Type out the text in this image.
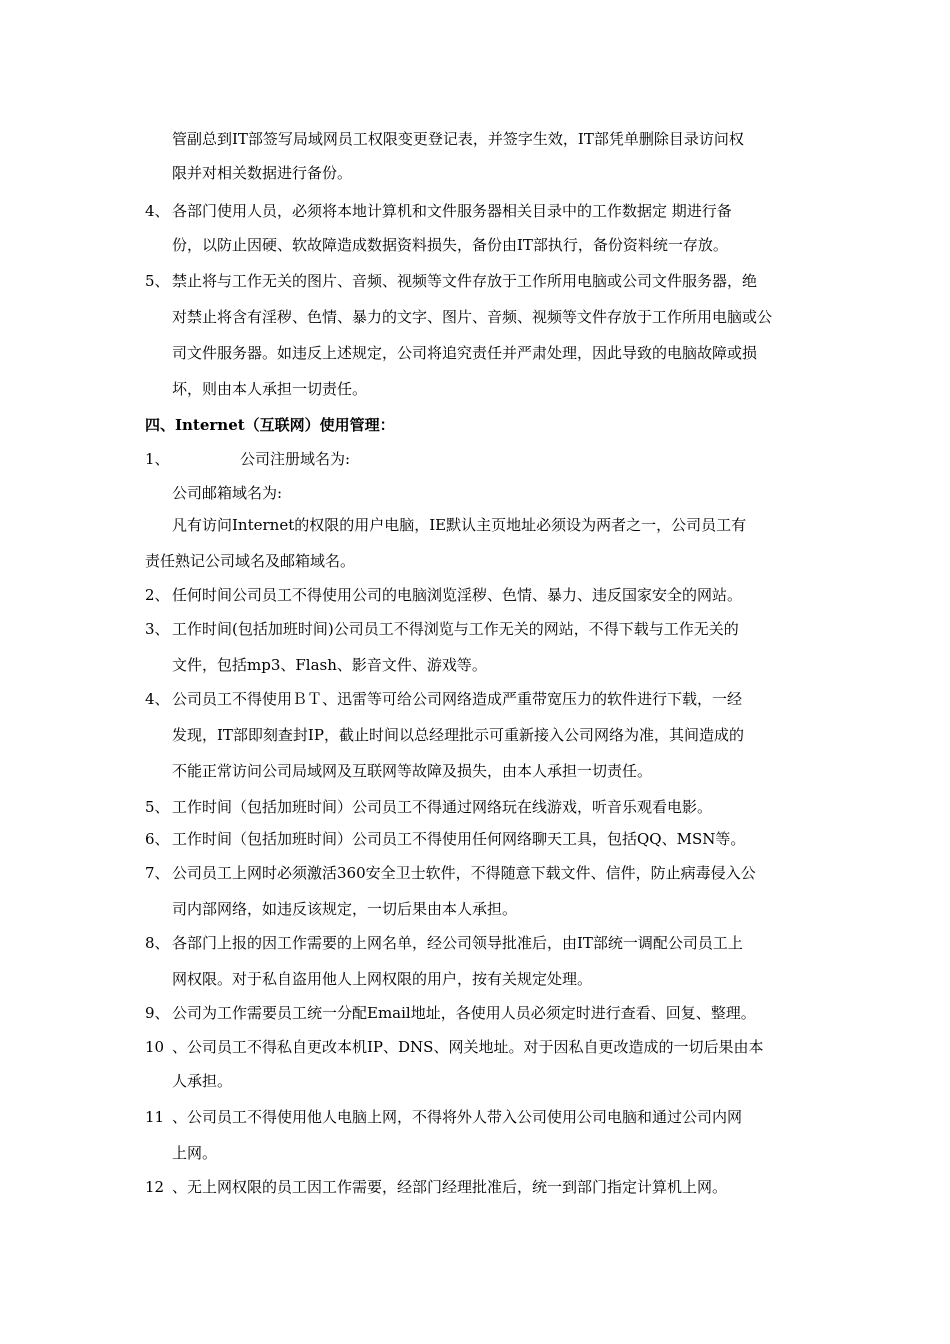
管副总到IT部签写局域网员工权限变更登记表，并签字生效，IT部凭单删除目录访问权
限并对相关数据进行备份。
4、 各部门使用人员，必须将本地计算机和文件服务器相关目录中的工作数据定 期进行备
份，以防止因硬、软故障造成数据资料损失，备份由IT部执行，备份资料统一存放。
5、 禁止将与工作无关的图片、音频、视频等文件存放于工作所用电脑或公司文件服务器，绝
对禁止将含有淫秽、色情、暴力的文字、图片、音频、视频等文件存放于工作所用电脑或公
司文件服务器。如违反上述规定，公司将追究责任并严肃处理，因此导致的电脑故障或损
坏，则由本人承担一切责任。
四、Internet（互联网）使用管理：
1、	公司注册域名为:
公司邮箱域名为:
凡有访问Internet的权限的用户电脑，IE默认主页地址必须设为两者之一，公司员工有
责任熟记公司域名及邮箱域名。
2、 任何时间公司员工不得使用公司的电脑浏览淫秽、色情、暴力、违反国家安全的网站。
3、 工作时间(包括加班时间)公司员工不得浏览与工作无关的网站，不得下载与工作无关的
文件，包括mp3、Flash、影音文件、游戏等。
4、 公司员工不得使用ＢＴ、迅雷等可给公司网络造成严重带宽压力的软件进行下载，一经
发现，IT部即刻查封IP，截止时间以总经理批示可重新接入公司网络为准，其间造成的
不能正常访问公司局域网及互联网等故障及损失，由本人承担一切责任。
5、 工作时间（包括加班时间）公司员工不得通过网络玩在线游戏，听音乐观看电影。
6、 工作时间（包括加班时间）公司员工不得使用任何网络聊天工具，包括QQ、MSN等。
7、 公司员工上网时必须激活360安全卫士软件，不得随意下载文件、信件，防止病毒侵入公
司内部网络，如违反该规定，一切后果由本人承担。
8、 各部门上报的因工作需要的上网名单，经公司领导批准后，由IT部统一调配公司员工上
网权限。对于私自盗用他人上网权限的用户，按有关规定处理。
9、 公司为工作需要员工统一分配Email地址，各使用人员必须定时进行查看、回复、整理。
10 、公司员工不得私自更改本机IP、DNS、网关地址。对于因私自更改造成的一切后果由本
人承担。
11 、公司员工不得使用他人电脑上网，不得将外人带入公司使用公司电脑和通过公司内网
上网。
12 、无上网权限的员工因工作需要，经部门经理批准后，统一到部门指定计算机上网。
